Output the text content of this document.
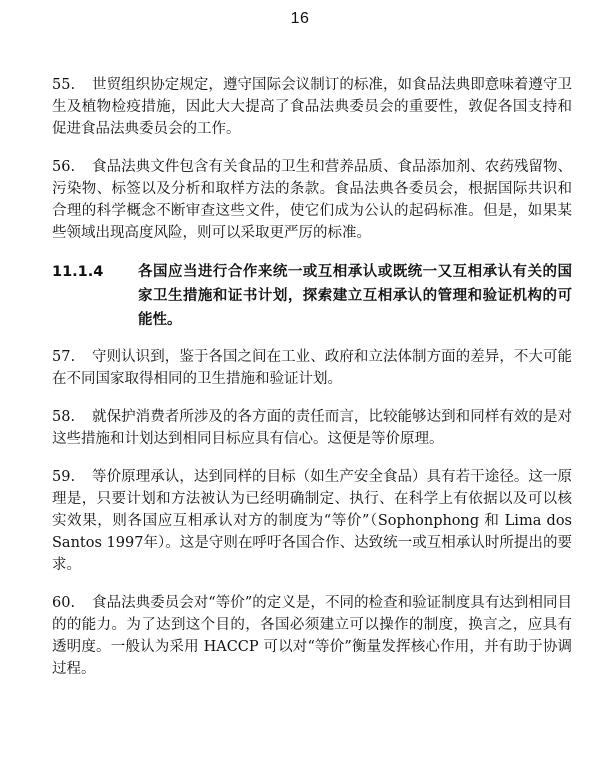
16

55. 世贸组织协定规定，遵守国际会议制订的标准，如食品法典即意味着遵守卫生及植物检疫措施，因此大大提高了食品法典委员会的重要性，敦促各国支持和促进食品法典委员会的工作。

56. 食品法典文件包含有关食品的卫生和营养品质、食品添加剂、农药残留物、污染物、标签以及分析和取样方法的条款。食品法典各委员会，根据国际共识和合理的科学概念不断审查这些文件，使它们成为公认的起码标准。但是，如果某些领域出现高度风险，则可以采取更严厉的标准。

11.1.4	各国应当进行合作来统一或互相承认或既统一又互相承认有关的国家卫生措施和证书计划，探索建立互相承认的管理和验证机构的可能性。

57. 守则认识到，鉴于各国之间在工业、政府和立法体制方面的差异，不大可能在不同国家取得相同的卫生措施和验证计划。

58. 就保护消费者所涉及的各方面的责任而言，比较能够达到和同样有效的是对这些措施和计划达到相同目标应具有信心。这便是等价原理。

59. 等价原理承认，达到同样的目标（如生产安全食品）具有若干途径。这一原理是，只要计划和方法被认为已经明确制定、执行、在科学上有依据以及可以核实效果，则各国应互相承认对方的制度为“等价”（Sophonphong 和 Lima dos Santos 1997年）。这是守则在呼吁各国合作、达致统一或互相承认时所提出的要求。

60. 食品法典委员会对“等价”的定义是，不同的检查和验证制度具有达到相同目的的能力。为了达到这个目的，各国必须建立可以操作的制度，换言之，应具有透明度。一般认为采用 HACCP 可以对“等价”衡量发挥核心作用，并有助于协调过程。
